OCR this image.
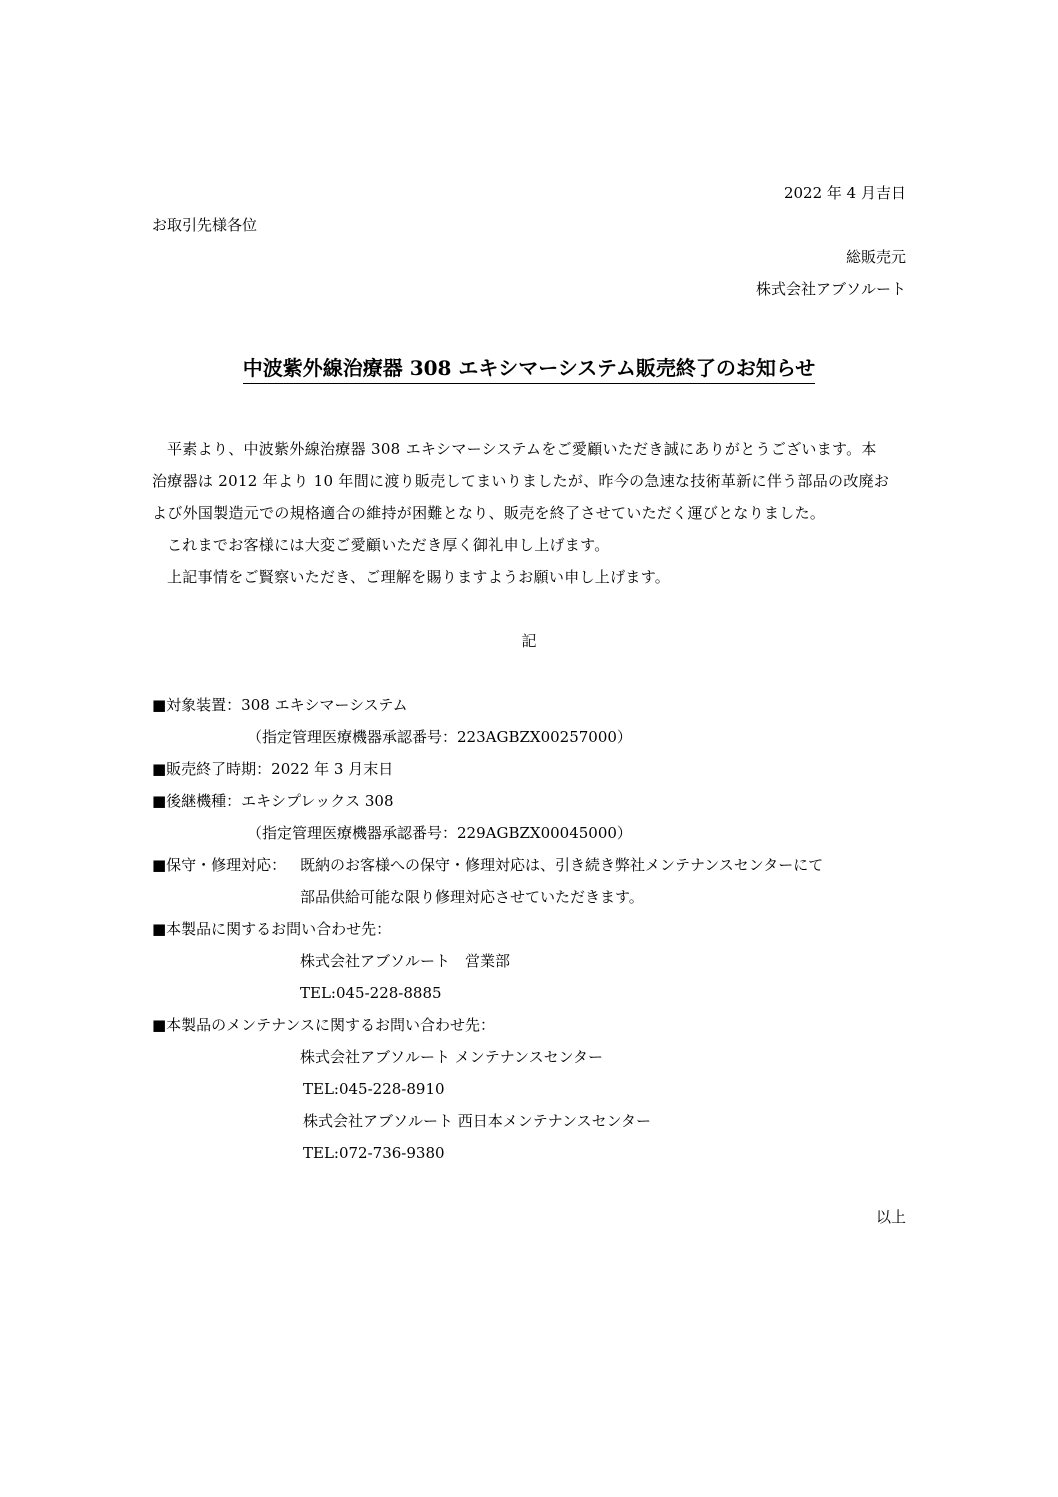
2022 年 4 月吉日
お取引先様各位
総販売元
株式会社アブソルート
中波紫外線治療器 308 エキシマーシステム販売終了のお知らせ
平素より、中波紫外線治療器 308 エキシマーシステムをご愛顧いただき誠にありがとうございます。本
治療器は 2012 年より 10 年間に渡り販売してまいりましたが、昨今の急速な技術革新に伴う部品の改廃お
よび外国製造元での規格適合の維持が困難となり、販売を終了させていただく運びとなりました。
これまでお客様には大変ご愛顧いただき厚く御礼申し上げます。
上記事情をご賢察いただき、ご理解を賜りますようお願い申し上げます。
記
■対象装置：308 エキシマーシステム
（指定管理医療機器承認番号：223AGBZX00257000）
■販売終了時期：2022 年 3 月末日
■後継機種：エキシプレックス 308
（指定管理医療機器承認番号：229AGBZX00045000）
■保守・修理対応： 既納のお客様への保守・修理対応は、引き続き弊社メンテナンスセンターにて
部品供給可能な限り修理対応させていただきます。
■本製品に関するお問い合わせ先：
株式会社アブソルート　営業部
TEL:045-228-8885
■本製品のメンテナンスに関するお問い合わせ先：
株式会社アブソルート メンテナンスセンター
TEL:045-228-8910
株式会社アブソルート 西日本メンテナンスセンター
TEL:072-736-9380
以上
